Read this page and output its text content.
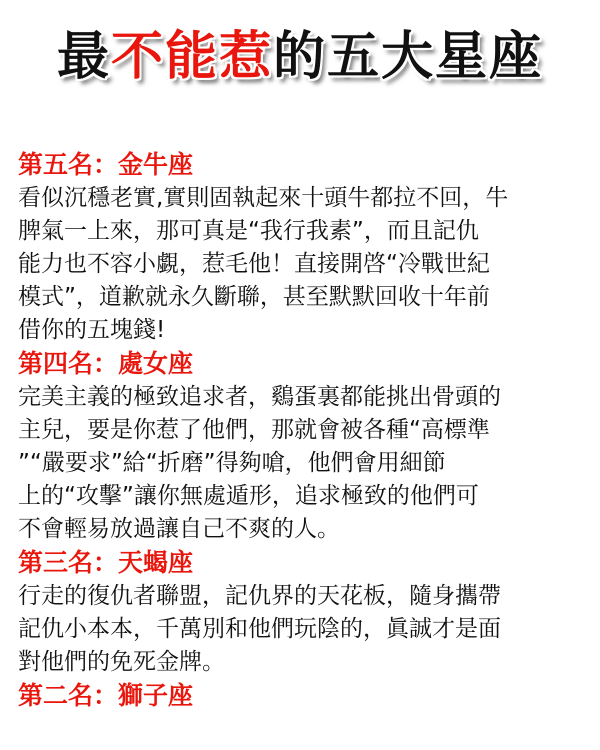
最不能惹的五大星座
第五名：金牛座
看似沉穩老實,實則固執起來十頭牛都拉不回，牛
脾氣一上來，那可真是“我行我素”，而且記仇
能力也不容小覷，惹毛他！直接開啓“冷戰世紀
模式”，道歉就永久斷聯，甚至默默回收十年前
借你的五塊錢!
第四名：處女座
完美主義的極致追求者，鷄蛋裏都能挑出骨頭的
主兒，要是你惹了他們，那就會被各種“高標準
”“嚴要求”給“折磨”得夠嗆，他們會用細節
上的“攻擊”讓你無處遁形，追求極致的他們可
不會輕易放過讓自己不爽的人。
第三名：天蝎座
行走的復仇者聯盟，記仇界的天花板，隨身攜帶
記仇小本本，千萬別和他們玩陰的，眞誠才是面
對他們的免死金牌。
第二名：獅子座
